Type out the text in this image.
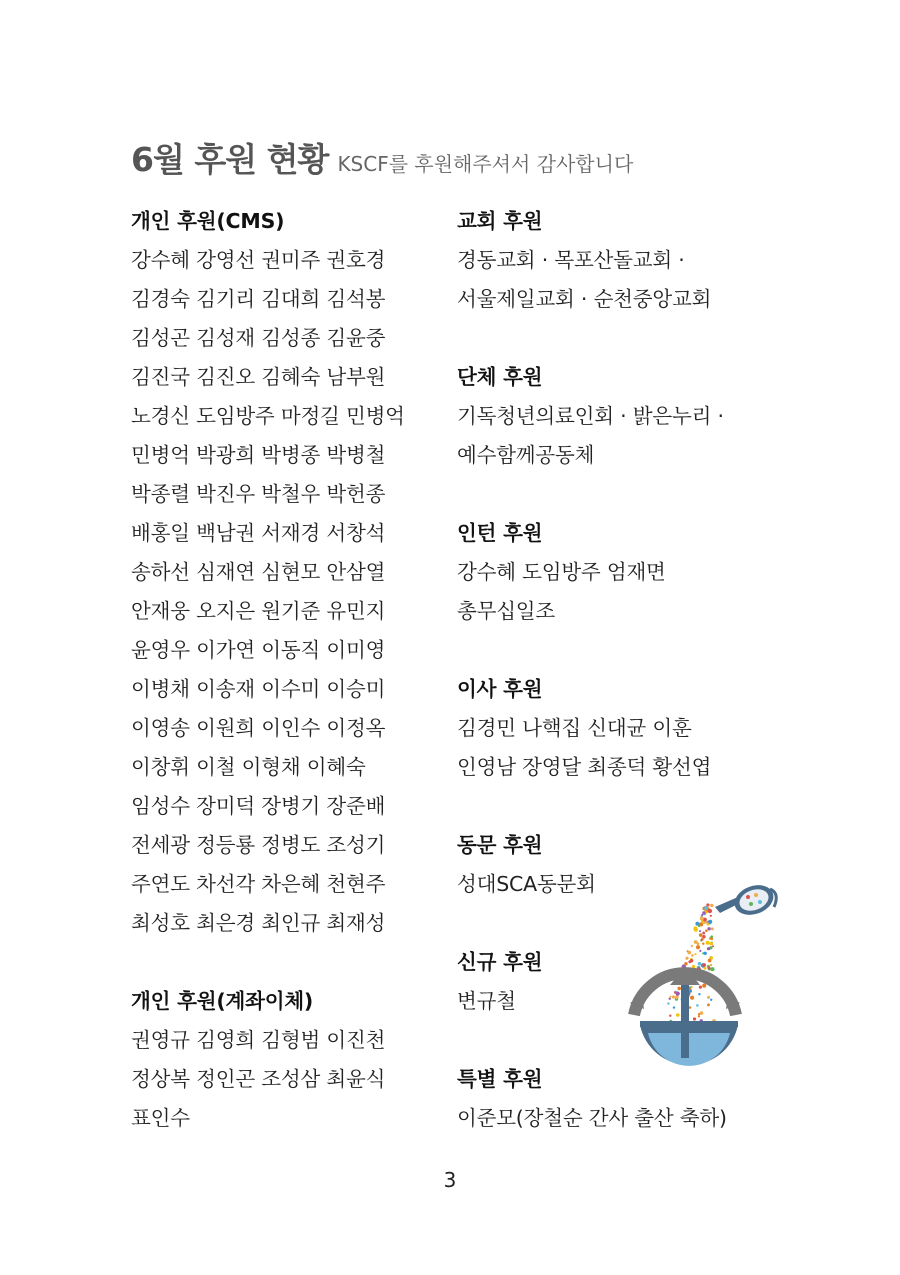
6월 후원 현황 KSCF를 후원해주셔서 감사합니다
개인 후원(CMS)
강수혜 강영선 권미주 권호경
김경숙 김기리 김대희 김석봉
김성곤 김성재 김성종 김윤중
김진국 김진오 김혜숙 남부원
노경신 도임방주 마정길 민병억
민병억 박광희 박병종 박병철
박종렬 박진우 박철우 박헌종
배홍일 백남권 서재경 서창석
송하선 심재연 심현모 안삼열
안재웅 오지은 원기준 유민지
윤영우 이가연 이동직 이미영
이병채 이송재 이수미 이승미
이영송 이원희 이인수 이정옥
이창휘 이철 이형채 이혜숙
임성수 장미덕 장병기 장준배
전세광 정등룡 정병도 조성기
주연도 차선각 차은혜 천현주
최성호 최은경 최인규 최재성
개인 후원(계좌이체)
권영규 김영희 김형범 이진천
정상복 정인곤 조성삼 최윤식
표인수
교회 후원
경동교회 · 목포산돌교회 ·
서울제일교회 · 순천중앙교회
단체 후원
기독청년의료인회 · 밝은누리 ·
예수함께공동체
인턴 후원
강수혜 도임방주 엄재면
총무십일조
이사 후원
김경민 나핵집 신대균 이훈
인영남 장영달 최종덕 황선엽
동문 후원
성대SCA동문회
신규 후원
변규철
특별 후원
이준모(장철순 간사 출산 축하)
3
